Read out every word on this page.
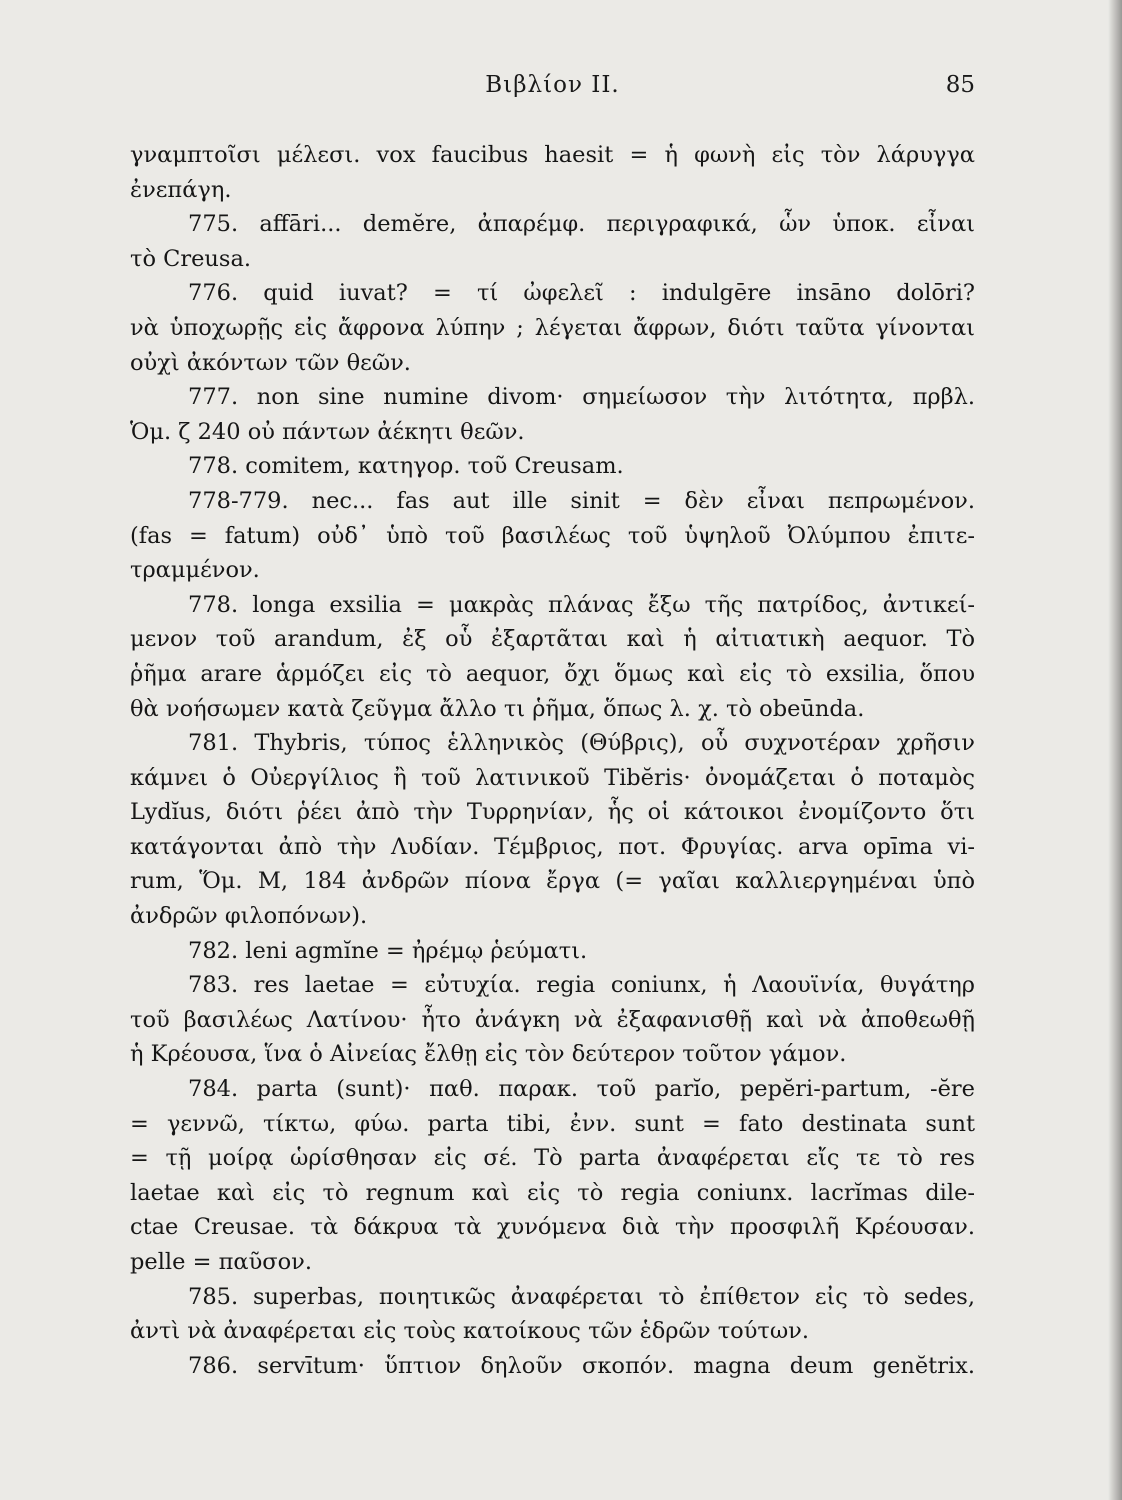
Βιβλίον ΙΙ.	85
γναμπτοῖσι μέλεσι. vox faucibus haesit = ἡ φωνὴ εἰς τὸν λάρυγγα
ἐνεπάγη.
775. affāri... demĕre, ἀπαρέμφ. περιγραφικά, ὧν ὑποκ. εἶναι
τὸ Creusa.
776. quid iuvat? = τί ὠφελεῖ : indulgēre insāno dolōri?
νὰ ὑποχωρῇς εἰς ἄφρονα λύπην ; λέγεται ἄφρων, διότι ταῦτα γίνονται
οὐχὶ ἀκόντων τῶν θεῶν.
777. non sine numine divom· σημείωσον τὴν λιτότητα, πρβλ.
Ὁμ. ζ 240 οὐ πάντων ἀέκητι θεῶν.
778. comitem, κατηγορ. τοῦ Creusam.
778-779. nec... fas aut ille sinit = δὲν εἶναι πεπρωμένον.
(fas = fatum) οὐδ᾽ ὑπὸ τοῦ βασιλέως τοῦ ὑψηλοῦ Ὀλύμπου ἐπιτε-
τραμμένον.
778. longa exsilia = μακρὰς πλάνας ἔξω τῆς πατρίδος, ἀντικεί-
μενον τοῦ arandum, ἐξ οὗ ἐξαρτᾶται καὶ ἡ αἰτιατικὴ aequor. Τὸ
ῥῆμα arare ἁρμόζει εἰς τὸ aequor, ὄχι ὅμως καὶ εἰς τὸ exsilia, ὅπου
θὰ νοήσωμεν κατὰ ζεῦγμα ἄλλο τι ῥῆμα, ὅπως λ. χ. τὸ obeūnda.
781. Thybris, τύπος ἑλληνικὸς (Θύβρις), οὗ συχνοτέραν χρῆσιν
κάμνει ὁ Οὐεργίλιος ἢ τοῦ λατινικοῦ Tibĕris· ὀνομάζεται ὁ ποταμὸς
Lydĭus, διότι ῥέει ἀπὸ τὴν Τυρρηνίαν, ἧς οἱ κάτοικοι ἐνομίζοντο ὅτι
κατάγονται ἀπὸ τὴν Λυδίαν. Τέμβριος, ποτ. Φρυγίας. arva opīma vi-
rum, Ὅμ. Μ, 184 ἀνδρῶν πίονα ἔργα (= γαῖαι καλλιεργημέναι ὑπὸ
ἀνδρῶν φιλοπόνων).
782. leni agmĭne = ἠρέμῳ ῥεύματι.
783. res laetae = εὐτυχία. regia coniunx, ἡ Λαουϊνία, θυγάτηρ
τοῦ βασιλέως Λατίνου· ἦτο ἀνάγκη νὰ ἐξαφανισθῇ καὶ νὰ ἀποθεωθῇ
ἡ Κρέουσα, ἵνα ὁ Αἰνείας ἔλθῃ εἰς τὸν δεύτερον τοῦτον γάμον.
784. parta (sunt)· παθ. παρακ. τοῦ parĭo, pepĕri-partum, -ĕre
= γεννῶ, τίκτω, φύω. parta tibi, ἐνν. sunt = fato destinata sunt
= τῇ μοίρᾳ ὡρίσθησαν εἰς σέ. Τὸ parta ἀναφέρεται εἴς τε τὸ res
laetae καὶ εἰς τὸ regnum καὶ εἰς τὸ regia coniunx. lacrĭmas dile-
ctae Creusae. τὰ δάκρυα τὰ χυνόμενα διὰ τὴν προσφιλῆ Κρέουσαν.
pelle = παῦσον.
785. superbas, ποιητικῶς ἀναφέρεται τὸ ἐπίθετον εἰς τὸ sedes,
ἀντὶ νὰ ἀναφέρεται εἰς τοὺς κατοίκους τῶν ἑδρῶν τούτων.
786. servītum· ὕπτιον δηλοῦν σκοπόν. magna deum genĕtrix.
